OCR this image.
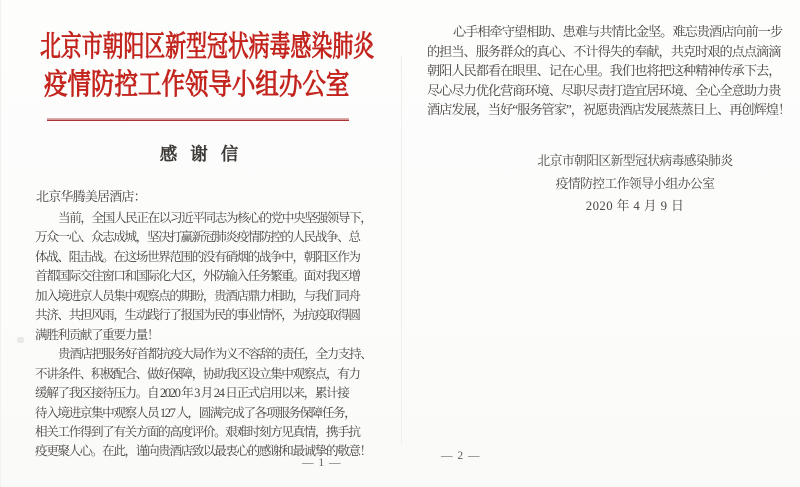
北京市朝阳区新型冠状病毒感染肺炎
疫情防控工作领导小组办公室
感谢信
北京华腾美居酒店：
当前，全国人民正在以习近平同志为核心的党中央坚强领导下，
万众一心、众志成城，坚决打赢新冠肺炎疫情防控的人民战争、总
体战、阻击战。在这场世界范围的没有硝烟的战争中，朝阳区作为
首都国际交往窗口和国际化大区，外防输入任务繁重。面对我区增
加入境进京人员集中观察点的期盼，贵酒店鼎力相助，与我们同舟
共济、共担风雨，生动践行了报国为民的事业情怀，为抗疫取得圆
满胜利贡献了重要力量！
贵酒店把服务好首都抗疫大局作为义不容辞的责任，全力支持、
不讲条件、积极配合、做好保障，协助我区设立集中观察点，有力
缓解了我区接待压力。自 2020 年 3 月 24 日正式启用以来，累计接
待入境进京集中观察人员 127 人，圆满完成了各项服务保障任务，
相关工作得到了有关方面的高度评价。艰难时刻方见真情，携手抗
疫更聚人心。在此，谨向贵酒店致以最衷心的感谢和最诚挚的敬意！
— 1 —
心手相牵守望相助、患难与共情比金坚。难忘贵酒店向前一步
的担当、服务群众的真心、不计得失的奉献，共克时艰的点点滴滴
朝阳人民都看在眼里、记在心里。我们也将把这种精神传承下去，
尽心尽力优化营商环境、尽职尽责打造宜居环境、全心全意助力贵
酒店发展，当好“服务管家”，祝愿贵酒店发展蒸蒸日上、再创辉煌！
北京市朝阳区新型冠状病毒感染肺炎
疫情防控工作领导小组办公室
2020 年 4 月 9 日
— 2 —
